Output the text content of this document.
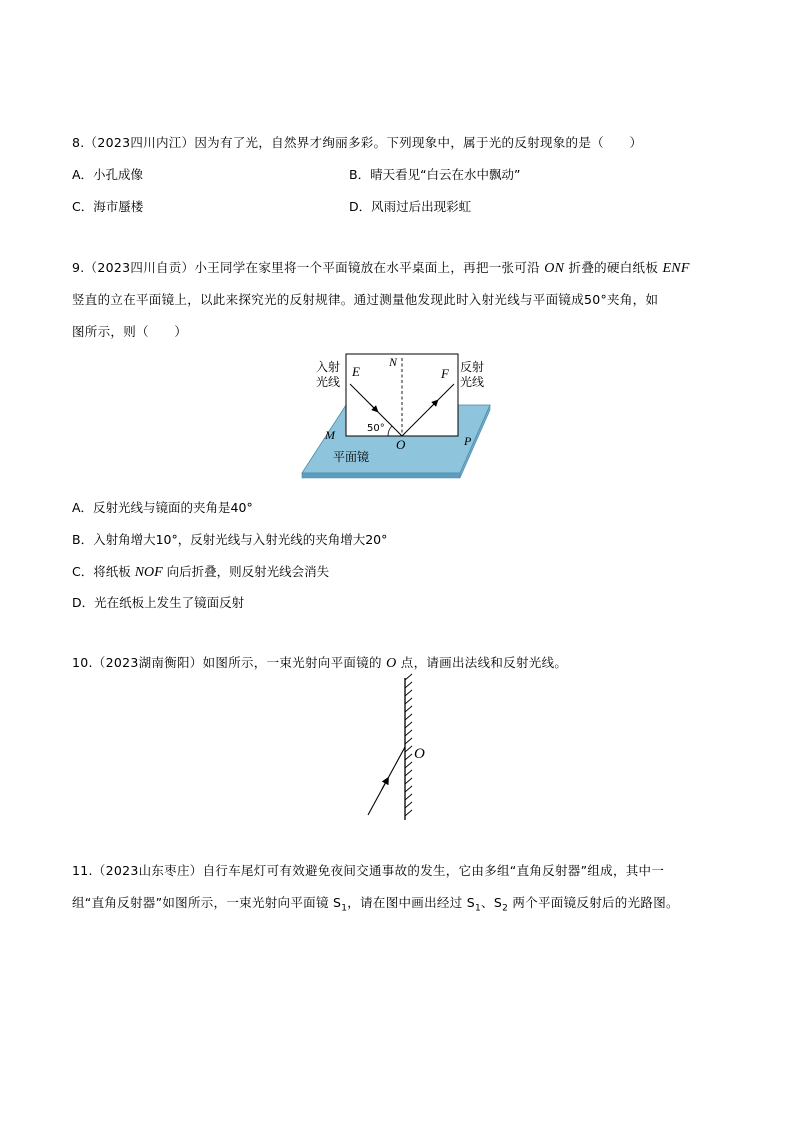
8.（2023四川内江）因为有了光，自然界才绚丽多彩。下列现象中，属于光的反射现象的是（　　）
A．小孔成像	B．晴天看见“白云在水中飘动”
C．海市蜃楼	D．风雨过后出现彩虹
9.（2023四川自贡）小王同学在家里将一个平面镜放在水平桌面上，再把一张可沿 ON 折叠的硬白纸板 ENF
竖直的立在平面镜上，以此来探究光的反射规律。通过测量他发现此时入射光线与平面镜成50°夹角，如
图所示，则（　　）
入射
光线
反射
光线
E
N
F
M
O	P
50°
平面镜
A．反射光线与镜面的夹角是40°
B．入射角增大10°，反射光线与入射光线的夹角增大20°
C．将纸板 NOF 向后折叠，则反射光线会消失
D．光在纸板上发生了镜面反射
10.（2023湖南衡阳）如图所示，一束光射向平面镜的 O 点，请画出法线和反射光线。
O
11.（2023山东枣庄）自行车尾灯可有效避免夜间交通事故的发生，它由多组“直角反射器”组成，其中一
组“直角反射器”如图所示，一束光射向平面镜 $S_1$，请在图中画出经过 $S_1$、$S_2$ 两个平面镜反射后的光路图。
